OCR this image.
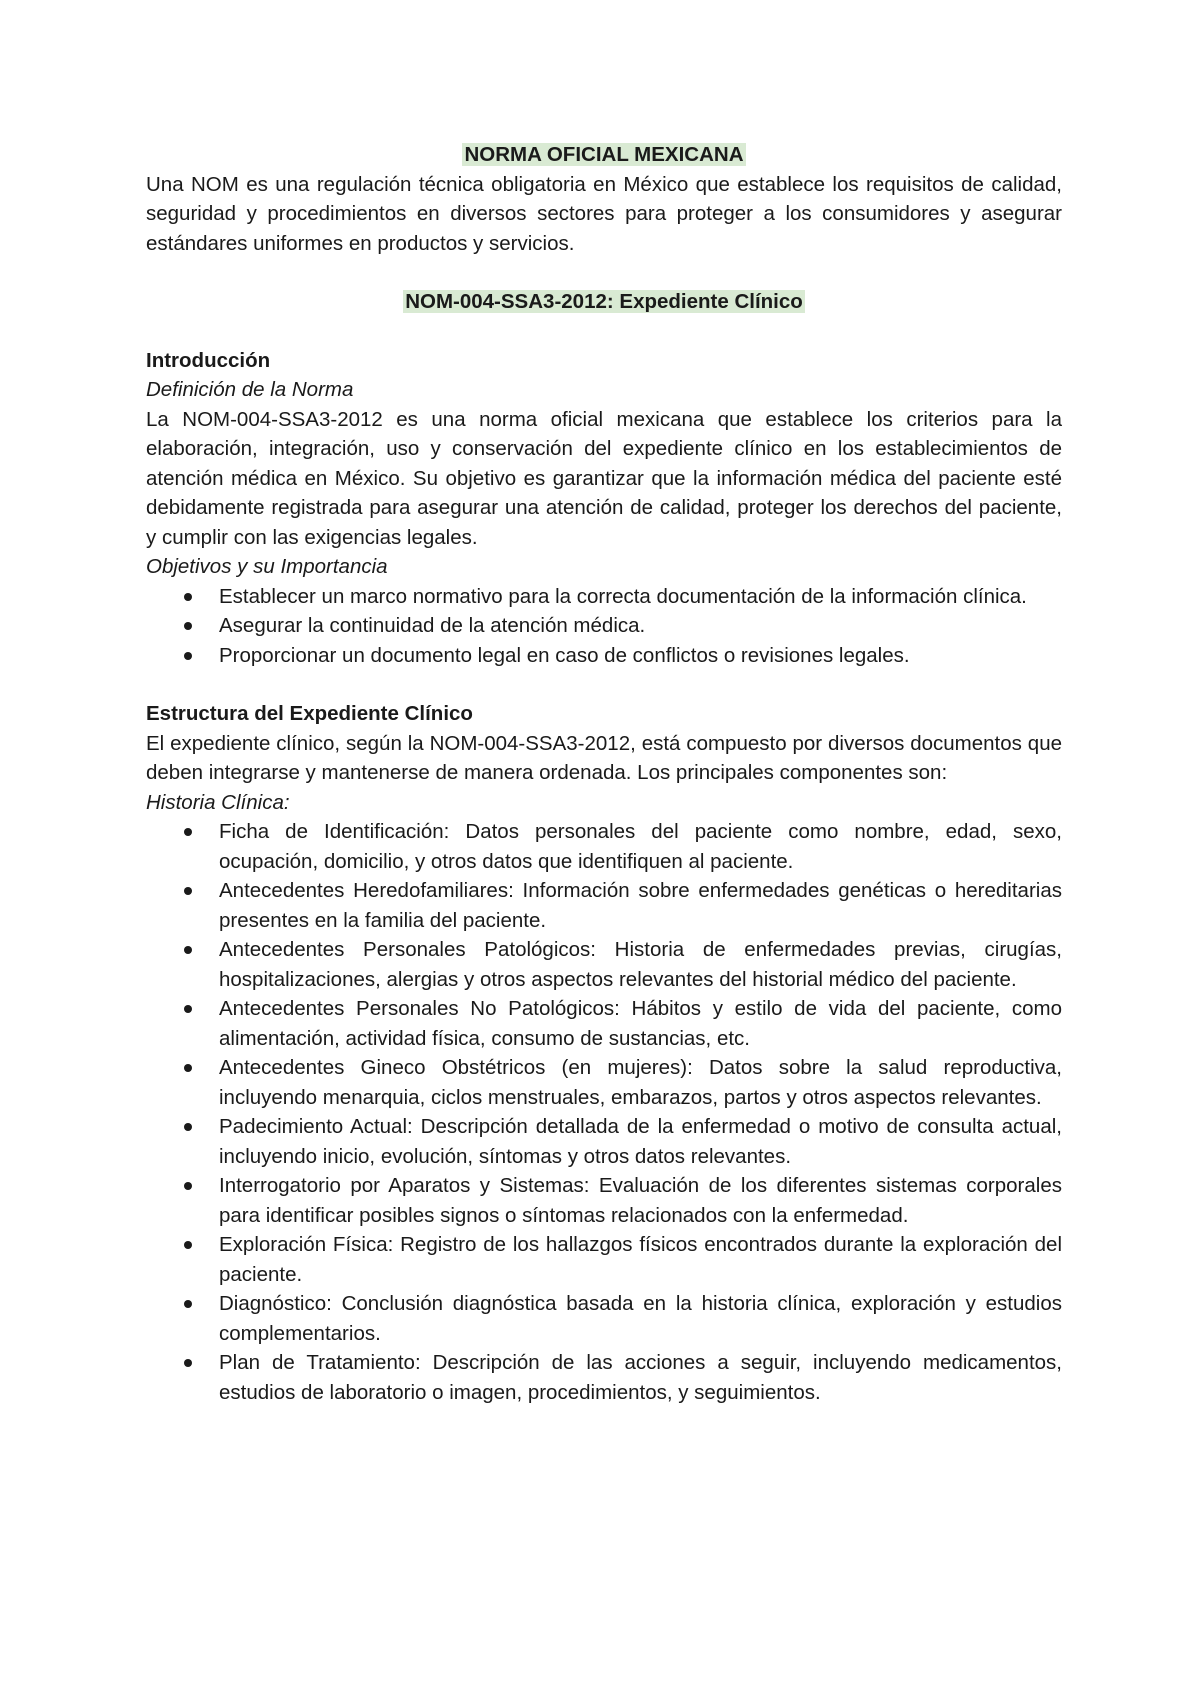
NORMA OFICIAL MEXICANA

Una NOM es una regulación técnica obligatoria en México que establece los requisitos de calidad, seguridad y procedimientos en diversos sectores para proteger a los consumidores y asegurar estándares uniformes en productos y servicios.

NOM-004-SSA3-2012: Expediente Clínico

Introducción

Definición de la Norma

La NOM-004-SSA3-2012 es una norma oficial mexicana que establece los criterios para la elaboración, integración, uso y conservación del expediente clínico en los establecimientos de atención médica en México. Su objetivo es garantizar que la información médica del paciente esté debidamente registrada para asegurar una atención de calidad, proteger los derechos del paciente, y cumplir con las exigencias legales.

Objetivos y su Importancia

Establecer un marco normativo para la correcta documentación de la información clínica.
Asegurar la continuidad de la atención médica.
Proporcionar un documento legal en caso de conflictos o revisiones legales.

Estructura del Expediente Clínico

El expediente clínico, según la NOM-004-SSA3-2012, está compuesto por diversos documentos que deben integrarse y mantenerse de manera ordenada. Los principales componentes son:

Historia Clínica:

Ficha de Identificación: Datos personales del paciente como nombre, edad, sexo, ocupación, domicilio, y otros datos que identifiquen al paciente.
Antecedentes Heredofamiliares: Información sobre enfermedades genéticas o hereditarias presentes en la familia del paciente.
Antecedentes Personales Patológicos: Historia de enfermedades previas, cirugías, hospitalizaciones, alergias y otros aspectos relevantes del historial médico del paciente.
Antecedentes Personales No Patológicos: Hábitos y estilo de vida del paciente, como alimentación, actividad física, consumo de sustancias, etc.
Antecedentes Gineco Obstétricos (en mujeres): Datos sobre la salud reproductiva, incluyendo menarquia, ciclos menstruales, embarazos, partos y otros aspectos relevantes.
Padecimiento Actual: Descripción detallada de la enfermedad o motivo de consulta actual, incluyendo inicio, evolución, síntomas y otros datos relevantes.
Interrogatorio por Aparatos y Sistemas: Evaluación de los diferentes sistemas corporales para identificar posibles signos o síntomas relacionados con la enfermedad.
Exploración Física: Registro de los hallazgos físicos encontrados durante la exploración del paciente.
Diagnóstico: Conclusión diagnóstica basada en la historia clínica, exploración y estudios complementarios.
Plan de Tratamiento: Descripción de las acciones a seguir, incluyendo medicamentos, estudios de laboratorio o imagen, procedimientos, y seguimientos.
